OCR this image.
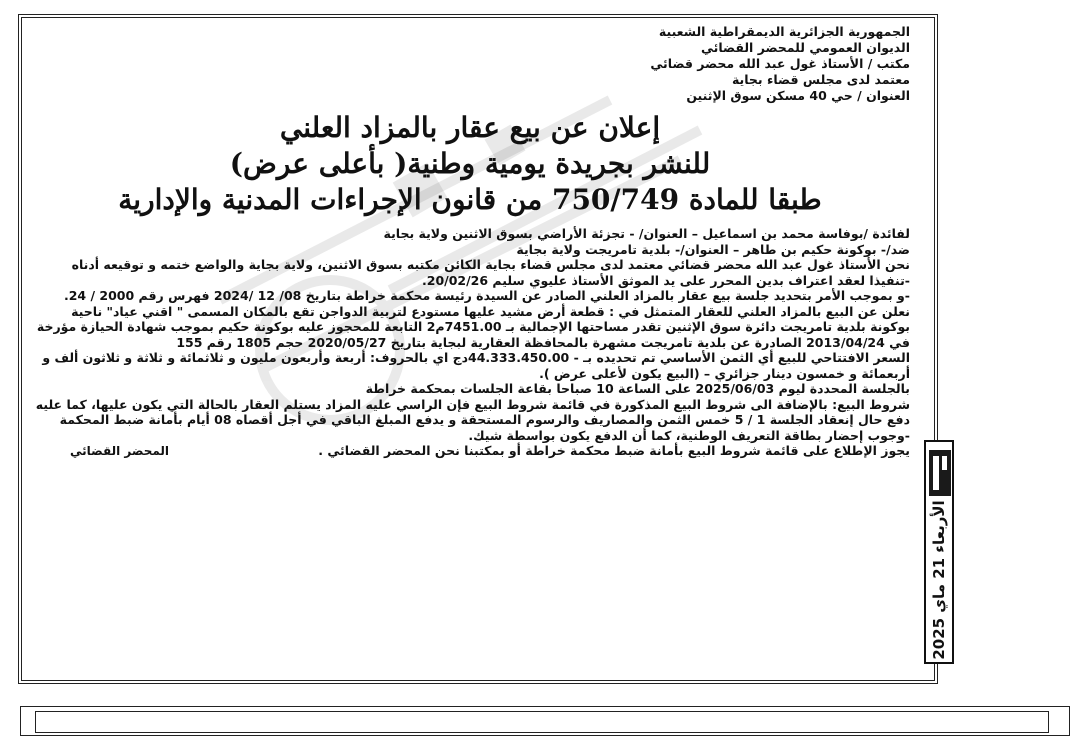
الجمهورية الجزائرية الديمقراطية الشعبية
الديوان العمومي للمحضر القضائي
مكتب / الأستاذ غول عبد الله محضر قضائي
معتمد لدى مجلس قضاء بجاية
العنوان / حي 40 مسكن سوق الإثنين
إعلان عن بيع عقار بالمزاد العلني
للنشر بجريدة يومية وطنية( بأعلى عرض)
طبقا للمادة 750/749 من قانون الإجراءات المدنية والإدارية

لفائدة /بوفاسة محمد بن اسماعيل – العنوان/ - تجزئة الأراضي بسوق الاثنين ولاية بجاية

ضد/- بوكونة حكيم بن طاهر – العنوان/- بلدية تامريجت ولاية بجاية

نحن الأستاذ غول عبد الله محضر قضائي معتمد لدى مجلس قضاء بجاية الكائن مكتبه بسوق الاثنين، ولاية بجاية والواضع ختمه و توقيعه أدناه

-تنفيذا لعقد اعتراف بدين المحرر على يد الموثق الأستاذ عليوي سليم 20/02/26.

-و بموجب الأمر بتحديد جلسة بيع عقار بالمزاد العلني الصادر عن السيدة رئيسة محكمة خراطة بتاريخ 08/ 12 /2024 فهرس رقم 2000 / 24.

نعلن عن البيع بالمزاد العلني للعقار المتمثل في : قطعة أرض مشيد عليها مستودع لتربية الدواجن تقع بالمكان المسمى " اقني عياد" ناحية بوكونة بلدية تامريجت دائرة سوق الإثنين تقدر مساحتها الإجمالية بـ 7451.00م2 التابعة للمحجوز عليه بوكونة حكيم بموجب شهادة الحيازة مؤرخة في 2013/04/24 الصادرة عن بلدية تامريجت مشهرة بالمحافظة العقارية لبجاية بتاريخ 2020/05/27 حجم 1805 رقم 155

السعر الافتتاحي للبيع أي الثمن الأساسي تم تحديده بـ - 44.333.450.00دج اي بالحروف: أربعة وأربعون مليون و ثلاثمائة و ثلاثة و ثلاثون ألف و أربعمائة و خمسون دينار جزائري – (البيع يكون لأعلى عرض ).

بالجلسة المحددة ليوم 2025/06/03 على الساعة 10 صباحا بقاعة الجلسات بمحكمة خراطة

شروط البيع: بالإضافة الى شروط البيع المذكورة في قائمة شروط البيع فإن الراسي عليه المزاد يستلم العقار بالحالة التي يكون عليها، كما عليه دفع حال إنعقاد الجلسة 1 / 5 خمس الثمن والمصاريف والرسوم المستحقة و يدفع المبلغ الباقي في أجل أقصاه 08 أيام بأمانة ضبط المحكمة -وجوب إحضار بطاقة التعريف الوطنية، كما أن الدفع يكون بواسطة شيك.

يجوز الإطلاع على قائمة شروط البيع بأمانة ضبط محكمة خراطة أو بمكتبنا نحن المحضر القضائي .
المحضر القضائي
الأربعاء 21 ماي 2025
